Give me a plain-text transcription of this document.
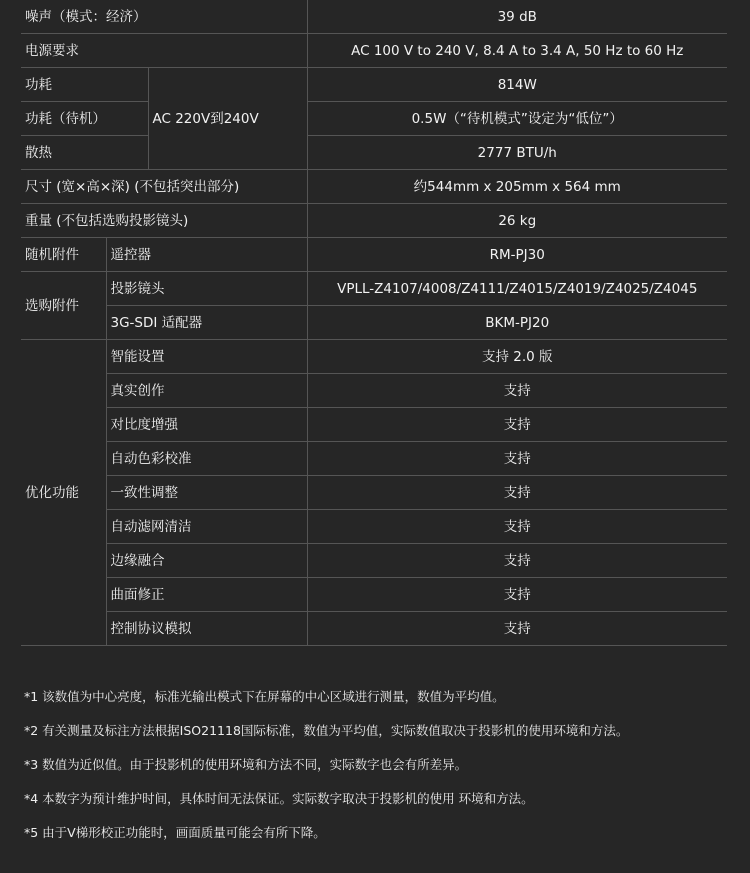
噪声（模式：经济）			39 dB
电源要求			AC 100 V to 240 V, 8.4 A to 3.4 A, 50 Hz to 60 Hz
功耗		AC 220V到240V	814W
功耗（待机）			0.5W（“待机模式”设定为“低位”）
散热			2777 BTU/h
尺寸 (宽×高×深) (不包括突出部分)			约544mm x 205mm x 564 mm
重量 (不包括选购投影镜头)			26 kg
随机附件	遥控器		RM-PJ30
选购附件	投影镜头		VPLL-Z4107/4008/Z4111/Z4015/Z4019/Z4025/Z4045
	3G-SDI 适配器		BKM-PJ20
优化功能	智能设置		支持 2.0 版
	真实创作		支持
	对比度增强		支持
	自动色彩校准		支持
	一致性调整		支持
	自动滤网清洁		支持
	边缘融合		支持
	曲面修正		支持
	控制协议模拟		支持
*1 该数值为中心亮度，标准光输出模式下在屏幕的中心区域进行测量，数值为平均值。
*2 有关测量及标注方法根据ISO21118国际标准，数值为平均值，实际数值取决于投影机的使用环境和方法。
*3 数值为近似值。由于投影机的使用环境和方法不同，实际数字也会有所差异。
*4 本数字为预计维护时间，具体时间无法保证。实际数字取决于投影机的使用 环境和方法。
*5 由于V梯形校正功能时，画面质量可能会有所下降。
